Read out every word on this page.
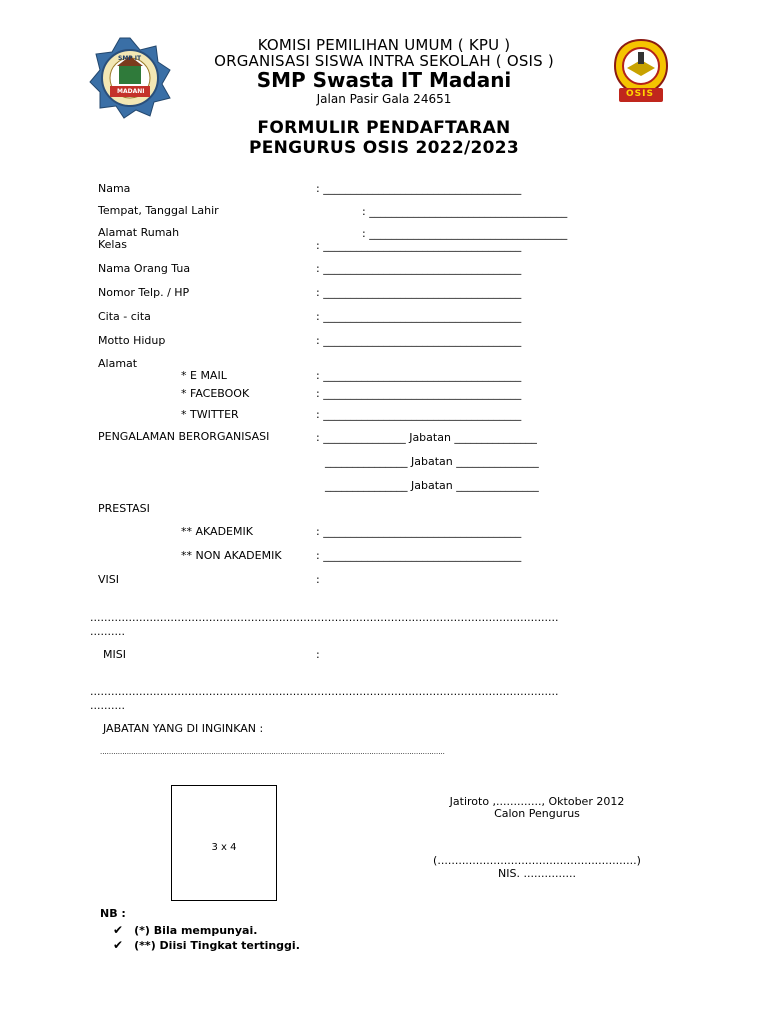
SMP IT
MADANI	OSIS
KOMISI PEMILIHAN UMUM ( KPU )
ORGANISASI SISWA INTRA SEKOLAH ( OSIS )
SMP Swasta IT Madani
Jalan Pasir Gala 24651
FORMULIR PENDAFTARAN
PENGURUS OSIS 2022/2023
Nama	: ____________________________________
Tempat, Tanggal Lahir	: ____________________________________
Alamat Rumah	: ____________________________________
Kelas	: ____________________________________
Nama Orang Tua	: ____________________________________
Nomor Telp. / HP	: ____________________________________
Cita - cita	: ____________________________________
Motto Hidup	: ____________________________________
Alamat
* E MAIL	: ____________________________________
* FACEBOOK	: ____________________________________
* TWITTER	: ____________________________________
PENGALAMAN BERORGANISASI	: _______________ Jabatan _______________
_______________ Jabatan _______________
_______________ Jabatan _______________
PRESTASI
** AKADEMIK	: ____________________________________
** NON AKADEMIK	: ____________________________________
VISI	:
......................................................................................................................................
..........
MISI	:
......................................................................................................................................
..........
JABATAN YANG DI INGINKAN :
...........................................................................................................................................................
3 x 4
Jatiroto ,............., Oktober 2012
Calon Pengurus
(.........................................................)
NIS. ...............
NB :
✔ (*) Bila mempunyai.
✔ (**) Diisi Tingkat tertinggi.
